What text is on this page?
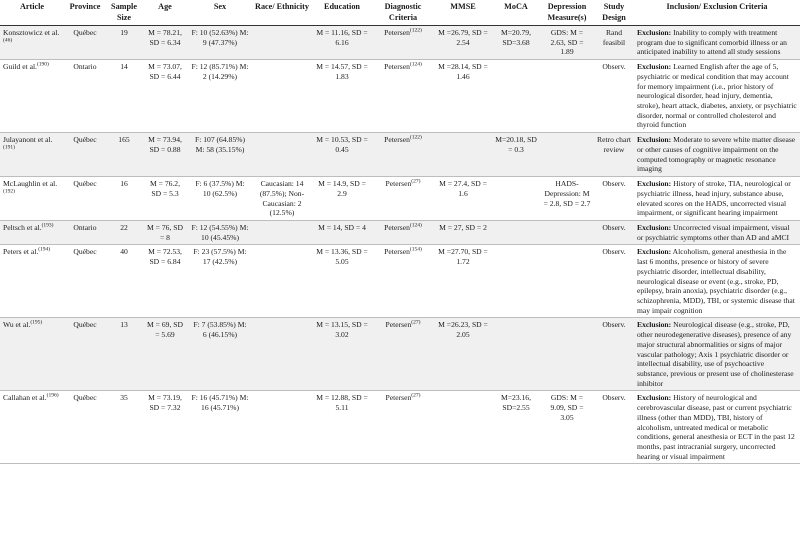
Article	Province	Sample Size	Age	Sex	Race/ Ethnicity	Education	Diagnostic Criteria	MMSE	MoCA	Depression Measure(s)	Study Design	Inclusion/ Exclusion Criteria
Konsztowicz et al.$^{(46)}$	Québec	19	M = 78.21, SD = 6.34	F: 10 (52.63%) M: 9 (47.37%)		M = 11.16, SD = 6.16	Petersen$^{(122)}$	M =26.79, SD = 2.54	M=20.79, SD=3.68	GDS: M = 2.63, SD = 1.89	Rand feasibil	Exclusion: Inability to comply with treatment program due to significant comorbid illness or an anticipated inability to attend all study sessions
Guild et al.$^{(190)}$	Ontario	14	M = 73.07, SD = 6.44	F: 12 (85.71%) M: 2 (14.29%)		M = 14.57, SD = 1.83	Petersen$^{(124)}$	M =28.14, SD = 1.46			Observ.	Exclusion: Learned English after the age of 5, psychiatric or medical condition that may account for memory impairment (i.e., prior history of neurological disorder, head injury, dementia, stroke), heart attack, diabetes, anxiety, or psychiatric disorder, normal or controlled cholesterol and thyroid function
Julayanont et al.$^{(191)}$	Québec	165	M = 73.94, SD = 0.88	F: 107 (64.85%) M: 58 (35.15%)		M = 10.53, SD = 0.45	Petersen$^{(122)}$		M=20.18, SD = 0.3		Retro chart review	Exclusion: Moderate to severe white matter disease or other causes of cognitive impairment on the computed tomography or magnetic resonance imaging
McLaughlin et al.$^{(192)}$	Québec	16	M = 76.2, SD = 5.3	F: 6 (37.5%) M: 10 (62.5%)	Caucasian: 14 (87.5%); Non-Caucasian: 2 (12.5%)	M = 14.9, SD = 2.9	Petersen$^{(27)}$	M = 27.4, SD = 1.6		HADS-Depression: M = 2.8, SD = 2.7	Observ.	Exclusion: History of stroke, TIA, neurological or psychiatric illness, head injury, substance abuse, elevated scores on the HADS, uncorrected visual impairment, or significant hearing impairment
Peltsch et al.$^{(193)}$	Ontario	22	M = 76, SD = 8	F: 12 (54.55%) M: 10 (45.45%)		M = 14, SD = 4	Petersen$^{(124)}$	M = 27, SD = 2			Observ.	Exclusion: Uncorrected visual impairment, visual or psychiatric symptoms other than AD and aMCI
Peters et al.$^{(194)}$	Québec	40	M = 72.53, SD = 6.84	F: 23 (57.5%) M: 17 (42.5%)		M = 13.36, SD = 5.05	Petersen$^{(154)}$	M =27.70, SD = 1.72			Observ.	Exclusion: Alcoholism, general anesthesia in the last 6 months, presence or history of severe psychiatric disorder, intellectual disability, neurological disease or event (e.g., stroke, PD, epilepsy, brain anoxia), psychiatric disorder (e.g., schizophrenia, MDD), TBI, or systemic disease that may impair cognition
Wu et al.$^{(195)}$	Québec	13	M = 69, SD = 5.69	F: 7 (53.85%) M: 6 (46.15%)		M = 13.15, SD = 3.02	Petersen$^{(27)}$	M =26.23, SD = 2.05			Observ.	Exclusion: Neurological disease (e.g., stroke, PD, other neurodegenerative diseases), presence of any major structural abnormalities or signs of major vascular pathology; Axis 1 psychiatric disorder or intellectual disability, use of psychoactive substance, previous or present use of cholinesterase inhibitor
Callahan et al.$^{(196)}$	Québec	35	M = 73.19, SD = 7.32	F: 16 (45.71%) M: 16 (45.71%)		M = 12.88, SD = 5.11	Petersen$^{(27)}$		M=23.16, SD=2.55	GDS: M = 9.09, SD = 3.05	Observ.	Exclusion: History of neurological and cerebrovascular disease, past or current psychiatric illness (other than MDD), TBI, history of alcoholism, untreated medical or metabolic conditions, general anesthesia or ECT in the past 12 months, past intracranial surgery, uncorrected hearing or visual impairment
